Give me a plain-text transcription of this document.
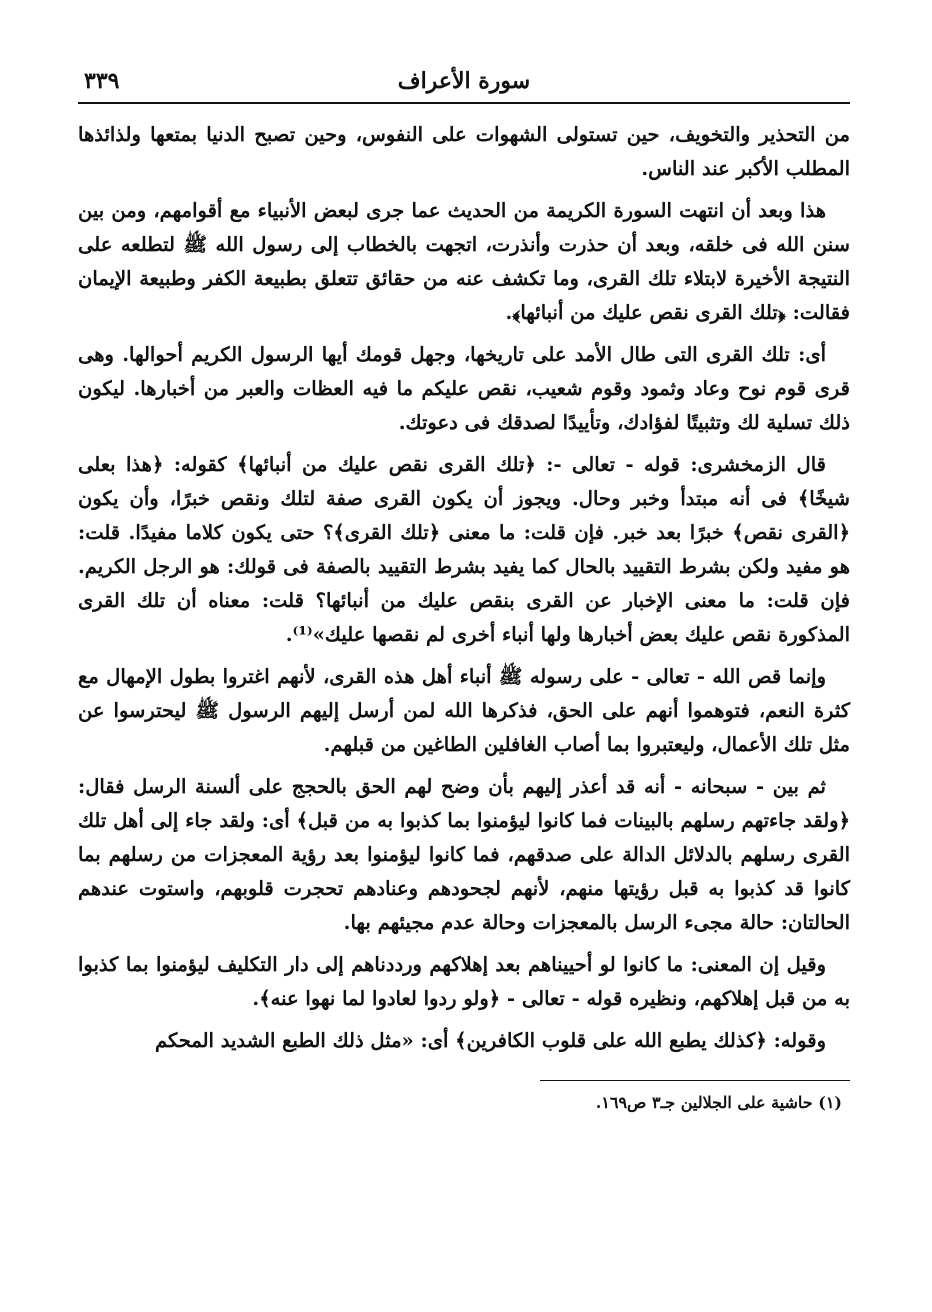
سورة الأعراف
٣٣٩

من التحذير والتخويف، حين تستولى الشهوات على النفوس، وحين تصبح الدنيا بمتعها ولذائذها المطلب الأكبر عند الناس.

هذا وبعد أن انتهت السورة الكريمة من الحديث عما جرى لبعض الأنبياء مع أقوامهم، ومن بين سنن الله فى خلقه، وبعد أن حذرت وأنذرت، اتجهت بالخطاب إلى رسول الله ﷺ لتطلعه على النتيجة الأخيرة لابتلاء تلك القرى، وما تكشف عنه من حقائق تتعلق بطبيعة الكفر وطبيعة الإيمان فقالت: ﴿تلك القرى نقص عليك من أنبائها﴾.

أى: تلك القرى التى طال الأمد على تاريخها، وجهل قومك أيها الرسول الكريم أحوالها. وهى قرى قوم نوح وعاد وثمود وقوم شعيب، نقص عليكم ما فيه العظات والعبر من أخبارها. ليكون ذلك تسلية لك وتثبيتًا لفؤادك، وتأييدًا لصدقك فى دعوتك.

قال الزمخشرى: قوله - تعالى -: ﴿تلك القرى نقص عليك من أنبائها﴾ كقوله: ﴿هذا بعلى شيخًا﴾ فى أنه مبتدأ وخبر وحال. ويجوز أن يكون القرى صفة لتلك ونقص خبرًا، وأن يكون ﴿القرى نقص﴾ خبرًا بعد خبر. فإن قلت: ما معنى ﴿تلك القرى﴾؟ حتى يكون كلاما مفيدًا. قلت: هو مفيد ولكن بشرط التقييد بالحال كما يفيد بشرط التقييد بالصفة فى قولك: هو الرجل الكريم. فإن قلت: ما معنى الإخبار عن القرى بنقص عليك من أنبائها؟ قلت: معناه أن تلك القرى المذكورة نقص عليك بعض أخبارها ولها أنباء أخرى لم نقصها عليك»⁽¹⁾.

وإنما قص الله - تعالى - على رسوله ﷺ أنباء أهل هذه القرى، لأنهم اغتروا بطول الإمهال مع كثرة النعم، فتوهموا أنهم على الحق، فذكرها الله لمن أرسل إليهم الرسول ﷺ ليحترسوا عن مثل تلك الأعمال، وليعتبروا بما أصاب الغافلين الطاغين من قبلهم.

ثم بين - سبحانه - أنه قد أعذر إليهم بأن وضح لهم الحق بالحجج على ألسنة الرسل فقال: ﴿ولقد جاءتهم رسلهم بالبينات فما كانوا ليؤمنوا بما كذبوا به من قبل﴾ أى: ولقد جاء إلى أهل تلك القرى رسلهم بالدلائل الدالة على صدقهم، فما كانوا ليؤمنوا بعد رؤية المعجزات من رسلهم بما كانوا قد كذبوا به قبل رؤيتها منهم، لأنهم لجحودهم وعنادهم تحجرت قلوبهم، واستوت عندهم الحالتان: حالة مجىء الرسل بالمعجزات وحالة عدم مجيئهم بها.

وقيل إن المعنى: ما كانوا لو أحييناهم بعد إهلاكهم ورددناهم إلى دار التكليف ليؤمنوا بما كذبوا به من قبل إهلاكهم، ونظيره قوله - تعالى - ﴿ولو ردوا لعادوا لما نهوا عنه﴾.

وقوله: ﴿كذلك يطبع الله على قلوب الكافرين﴾ أى: «مثل ذلك الطبع الشديد المحكم

(١) حاشية على الجلالين جـ٣ ص١٦٩.
